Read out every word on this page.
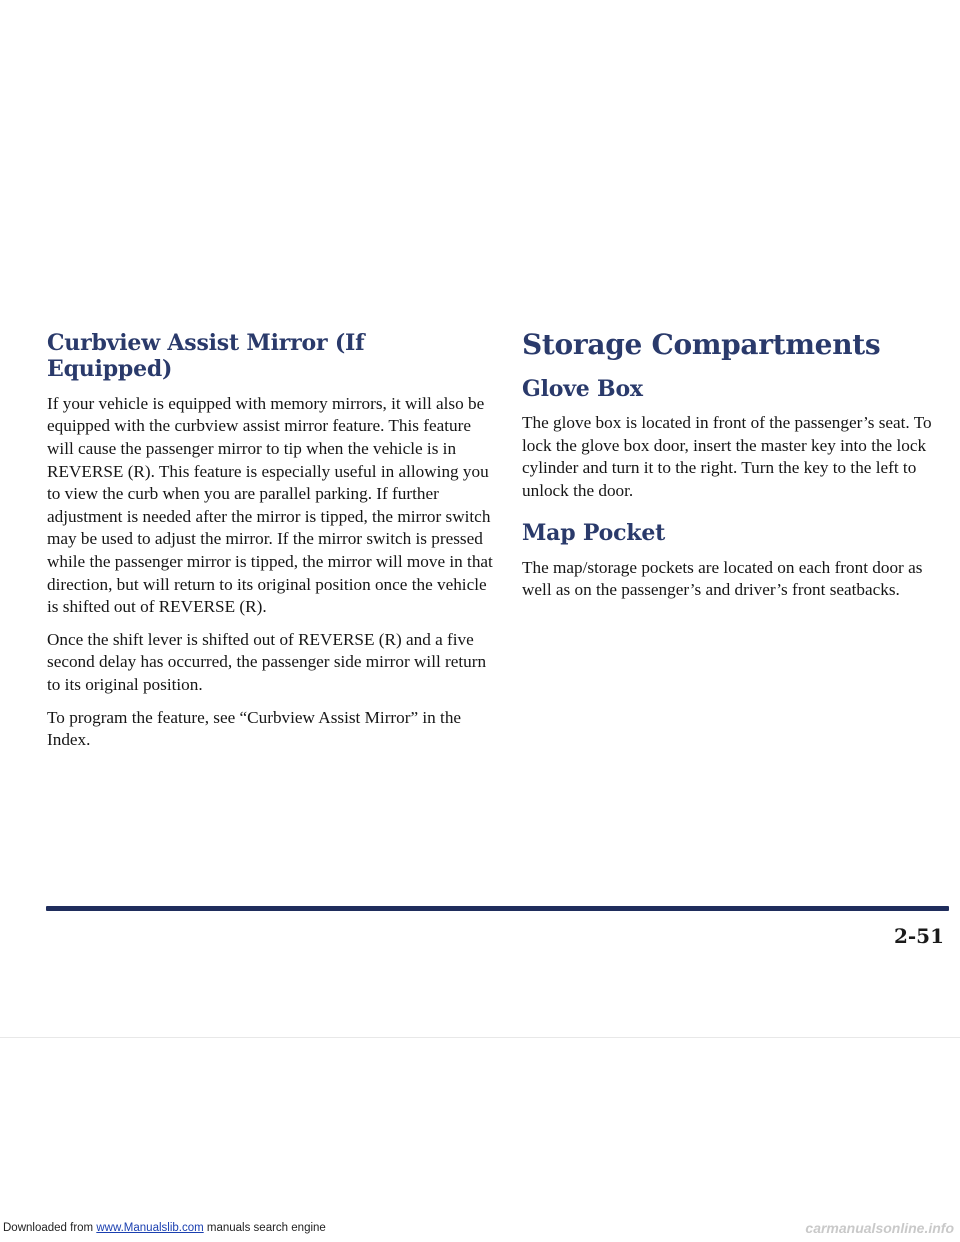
Curbview Assist Mirror (If Equipped)

If your vehicle is equipped with memory mirrors, it will also be equipped with the curbview assist mirror feature. This feature will cause the passenger mirror to tip when the vehicle is in REVERSE (R). This feature is especially useful in allowing you to view the curb when you are parallel parking. If further adjustment is needed after the mirror is tipped, the mirror switch may be used to adjust the mirror. If the mirror switch is pressed while the passenger mirror is tipped, the mirror will move in that direction, but will return to its original position once the vehicle is shifted out of REVERSE (R).

Once the shift lever is shifted out of REVERSE (R) and a five second delay has occurred, the passenger side mirror will return to its original position.

To program the feature, see “Curbview Assist Mirror” in the Index.

Storage Compartments
Glove Box

The glove box is located in front of the passenger’s seat. To lock the glove box door, insert the master key into the lock cylinder and turn it to the right. Turn the key to the left to unlock the door.

Map Pocket

The map/storage pockets are located on each front door as well as on the passenger’s and driver’s front seatbacks.

2-51
Downloaded from www.Manualslib.com manuals search engine	carmanualsonline.info
